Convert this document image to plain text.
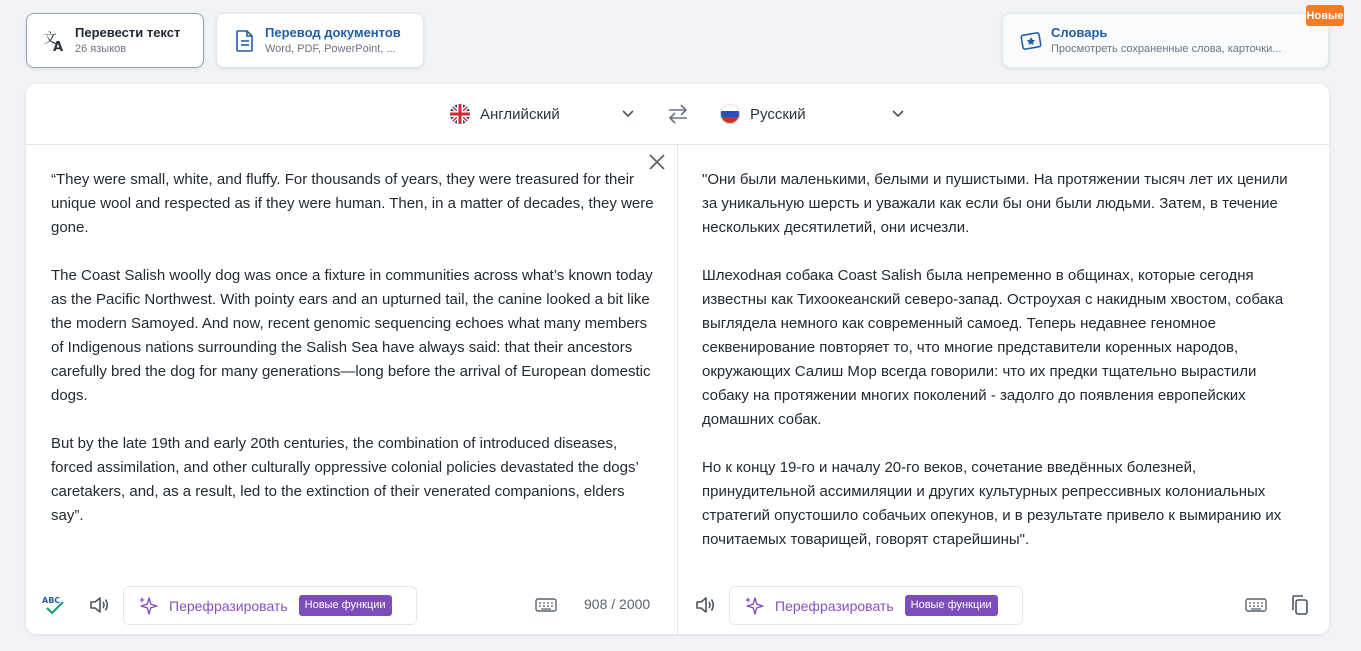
文
A
Перевести текст
26 языков
Перевод документов
Word, PDF, PowerPoint, ...
Словарь
Просмотреть сохраненные слова, карточки...
Новые
Английский	Русский
“They were small, white, and fluffy. For thousands of years, they were treasured for their unique wool and respected as if they were human. Then, in a matter of decades, they were gone.

The Coast Salish woolly dog was once a fixture in communities across what’s known today as the Pacific Northwest. With pointy ears and an upturned tail, the canine looked a bit like the modern Samoyed. And now, recent genomic sequencing echoes what many members of Indigenous nations surrounding the Salish Sea have always said: that their ancestors carefully bred the dog for many generations—long before the arrival of European domestic dogs.

But by the late 19th and early 20th centuries, the combination of introduced diseases, forced assimilation, and other culturally oppressive colonial policies devastated the dogs’ caretakers, and, as a result, led to the extinction of their venerated companions, elders say”.
"Они были маленькими, белыми и пушистыми. На протяжении тысяч лет их ценили за уникальную шерсть и уважали как если бы они были людьми. Затем, в течение нескольких десятилетий, они исчезли.

Шлехodная собака Coast Salish была непременно в общинах, которые сегодня известны как Тихоокеанский северо-запад. Остроухая с накидным хвостом, собака выглядела немного как современный самоед. Теперь недавнее геномное секвенирование повторяет то, что многие представители коренных народов, окружающих Салиш Мор всегда говорили: что их предки тщательно вырастили собаку на протяжении многих поколений - задолго до появления европейских домашних собак.

Но к концу 19-го и началу 20-го веков, сочетание введённых болезней, принудительной ассимиляции и других культурных репрессивных колониальных стратегий опустошило собачьих опекунов, и в результате привело к вымиранию их почитаемых товарищей, говорят старейшины".
ABC	Перефразировать	Новые функции	908 / 2000	Перефразировать	Новые функции
